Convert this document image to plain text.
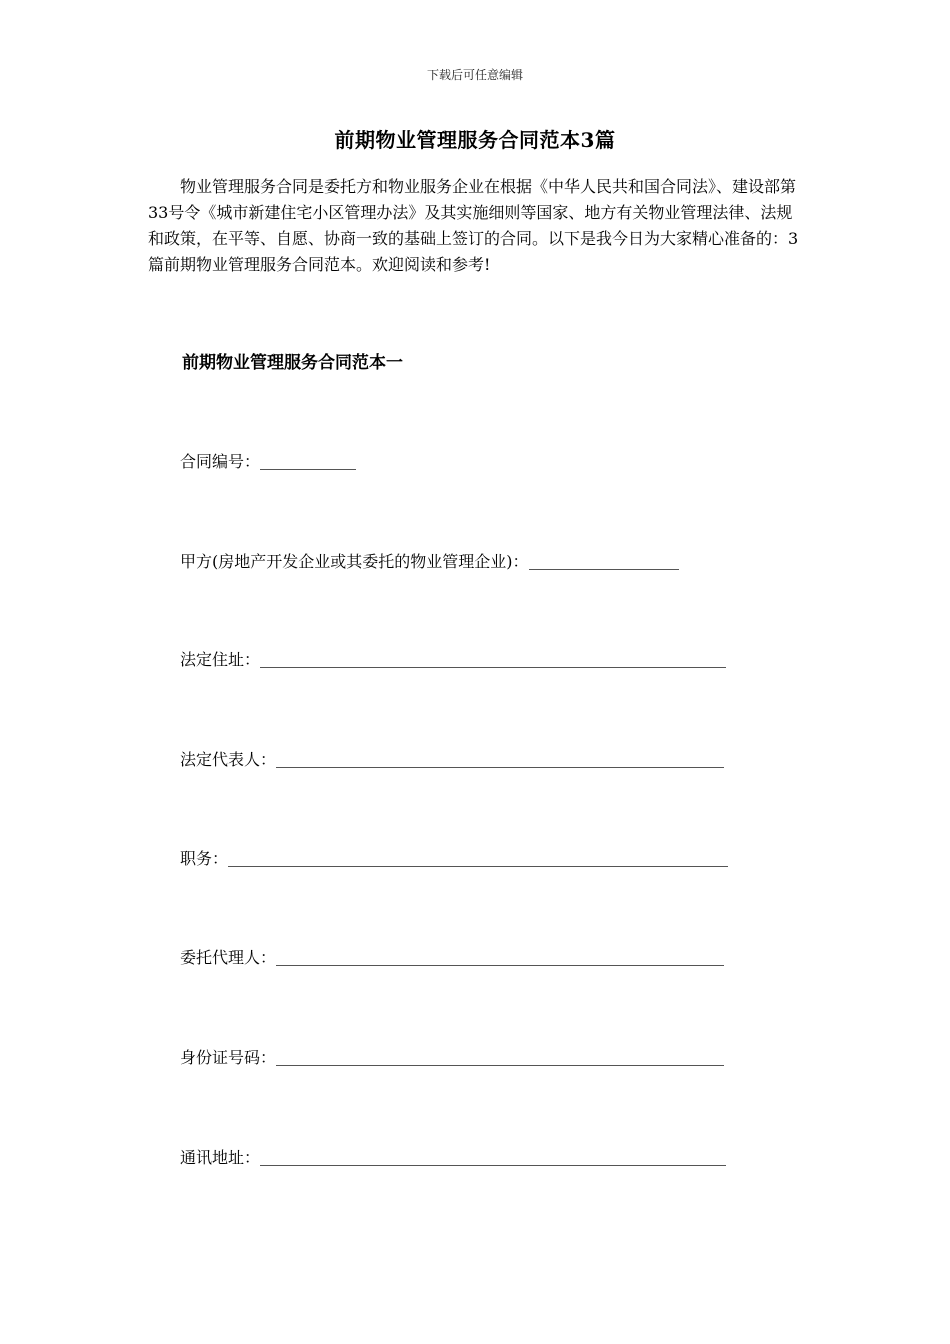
下载后可任意编辑
前期物业管理服务合同范本3篇

物业管理服务合同是委托方和物业服务企业在根据《中华人民共和国合同法》、建设部第33号令《城市新建住宅小区管理办法》及其实施细则等国家、地方有关物业管理法律、法规和政策，在平等、自愿、协商一致的基础上签订的合同。以下是我今日为大家精心准备的：3篇前期物业管理服务合同范本。欢迎阅读和参考!

前期物业管理服务合同范本一
合同编号：
甲方(房地产开发企业或其委托的物业管理企业)：
法定住址：
法定代表人：
职务：
委托代理人：
身份证号码：
通讯地址：
